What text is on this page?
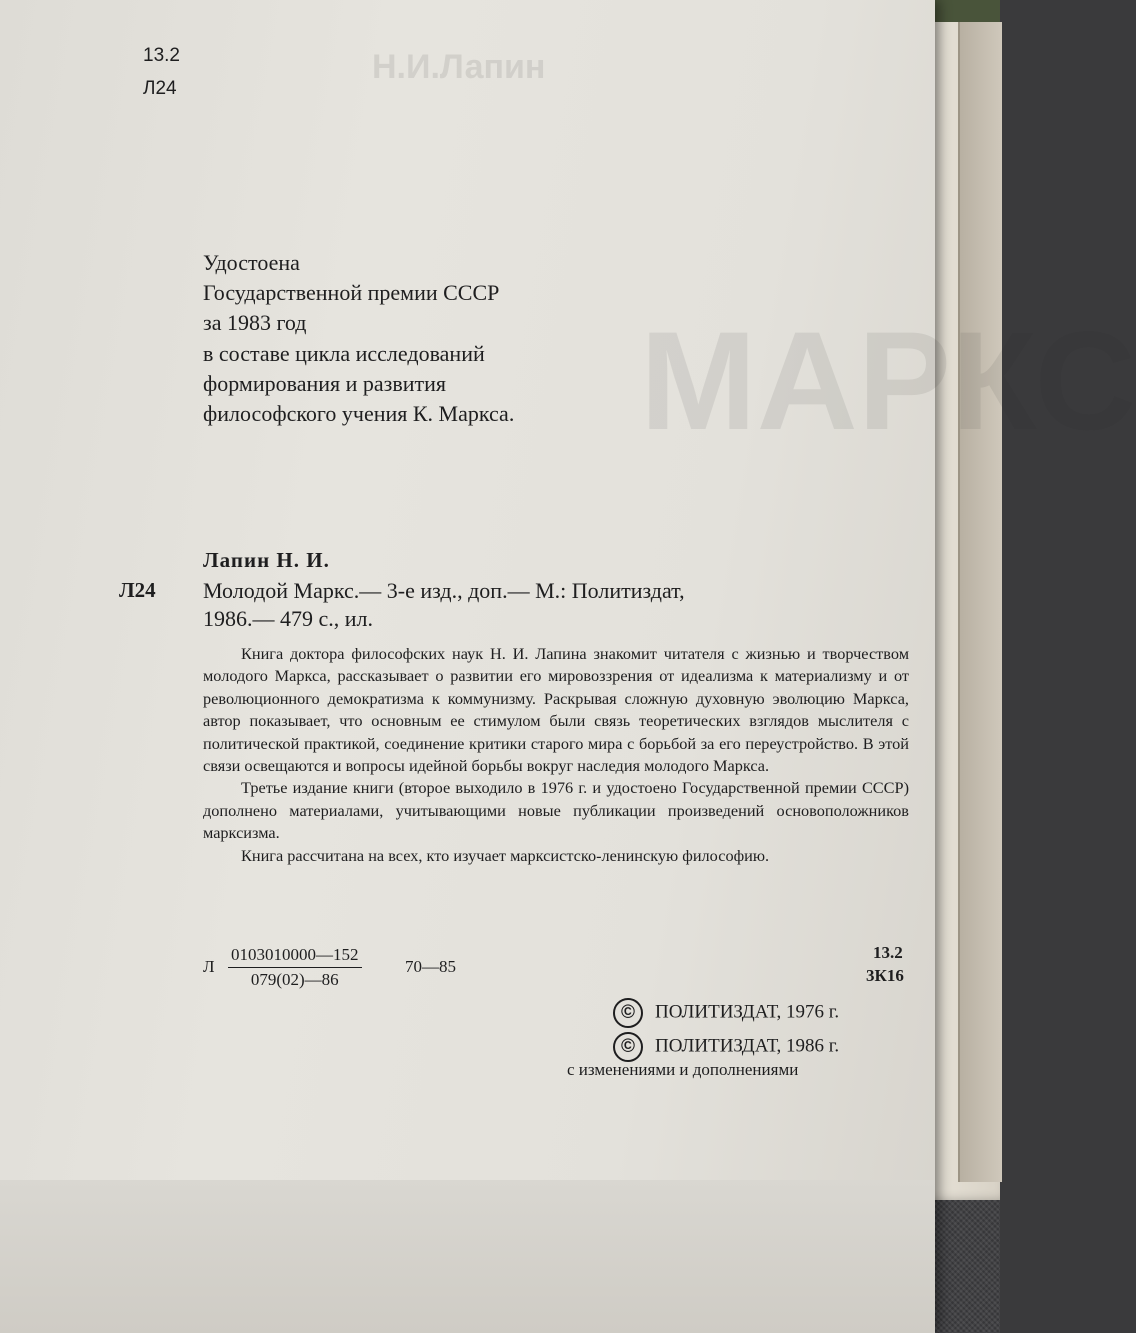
Н.И.Лапин
МАРКС
13.2
Л24
Удостоена
Государственной премии СССР
за 1983 год
в составе цикла исследований
формирования и развития
философского учения К. Маркса.
Лапин Н. И.
Л24 Молодой Маркс.— 3-е изд., доп.— М.: Политиздат,
1986.— 479 с., ил.

Книга доктора философских наук Н. И. Лапина знакомит читателя с жизнью и творчеством молодого Маркса, рассказывает о развитии его мировоззрения от идеализма к материализму и от революционного демократизма к коммунизму. Раскрывая сложную духовную эволюцию Маркса, автор показывает, что основным ее стимулом были связь теоретических взглядов мыслителя с политической практикой, соединение критики старого мира с борьбой за его переустройство. В этой связи освещаются и вопросы идейной борьбы вокруг наследия молодого Маркса.

Третье издание книги (второе выходило в 1976 г. и удостоено Государственной премии СССР) дополнено материалами, учитывающими новые публикации произведений основоположников марксизма.

Книга рассчитана на всех, кто изучает марксистско-ленинскую философию.

Л $\frac{0103010000—152}{079(02)—86}$	70—85
13.2
3К16
© ПОЛИТИЗДАТ, 1976 г.
© ПОЛИТИЗДАТ, 1986 г.
с изменениями и дополнениями
